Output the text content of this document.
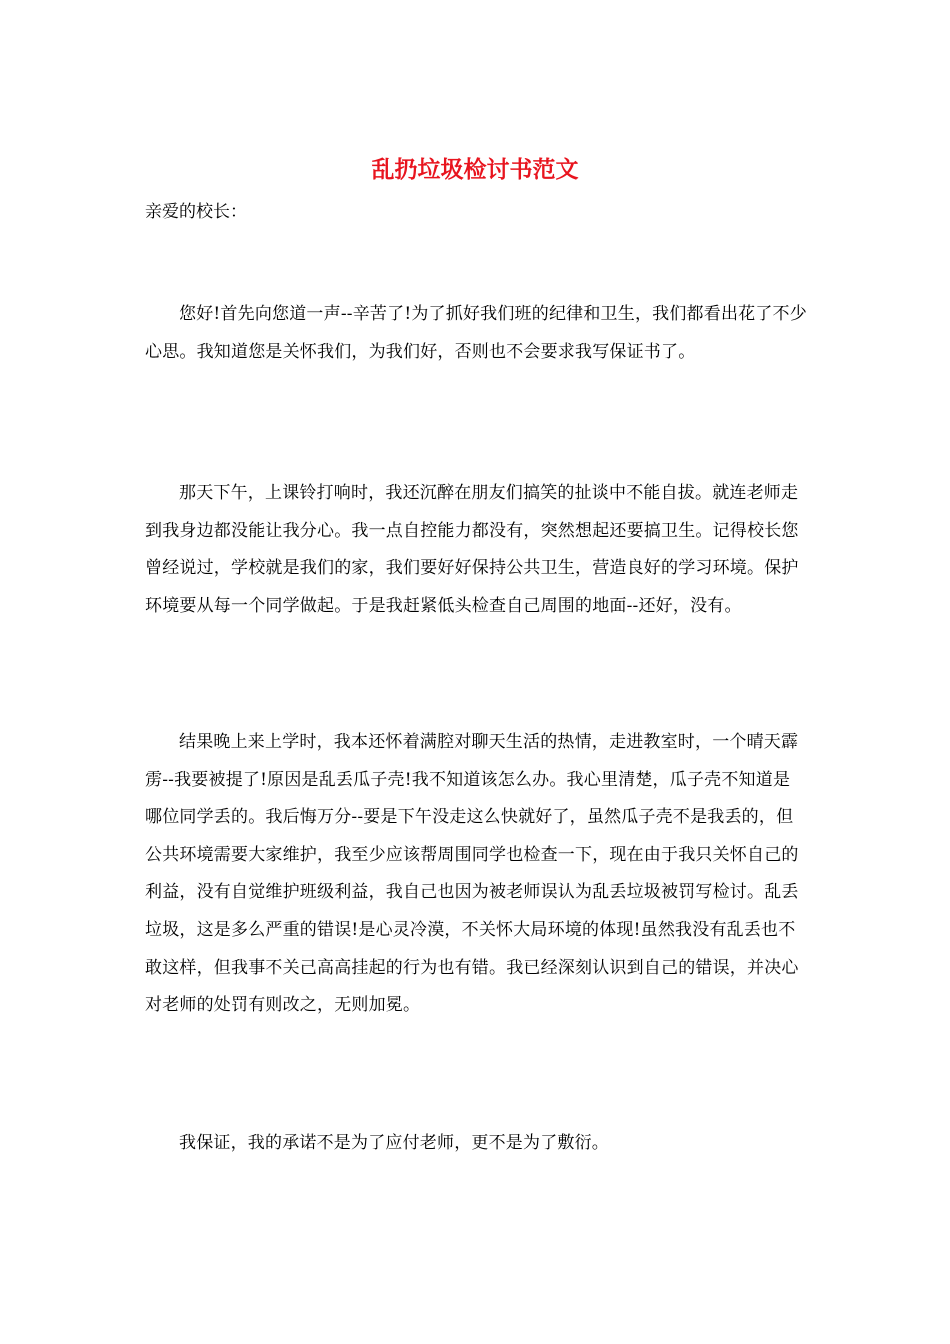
乱扔垃圾检讨书范文

亲爱的校长：

您好!首先向您道一声--辛苦了!为了抓好我们班的纪律和卫生，我们都看出花了不少心思。我知道您是关怀我们，为我们好，否则也不会要求我写保证书了。

那天下午，上课铃打响时，我还沉醉在朋友们搞笑的扯谈中不能自拔。就连老师走到我身边都没能让我分心。我一点自控能力都没有，突然想起还要搞卫生。记得校长您曾经说过，学校就是我们的家，我们要好好保持公共卫生，营造良好的学习环境。保护环境要从每一个同学做起。于是我赶紧低头检查自己周围的地面--还好，没有。

结果晚上来上学时，我本还怀着满腔对聊天生活的热情，走进教室时，一个晴天霹雳--我要被提了!原因是乱丢瓜子壳!我不知道该怎么办。我心里清楚，瓜子壳不知道是哪位同学丢的。我后悔万分--要是下午没走这么快就好了，虽然瓜子壳不是我丢的，但公共环境需要大家维护，我至少应该帮周围同学也检查一下，现在由于我只关怀自己的利益，没有自觉维护班级利益，我自己也因为被老师误认为乱丢垃圾被罚写检讨。乱丢垃圾，这是多么严重的错误!是心灵冷漠，不关怀大局环境的体现!虽然我没有乱丢也不敢这样，但我事不关己高高挂起的行为也有错。我已经深刻认识到自己的错误，并决心对老师的处罚有则改之，无则加冕。

我保证，我的承诺不是为了应付老师，更不是为了敷衍。
